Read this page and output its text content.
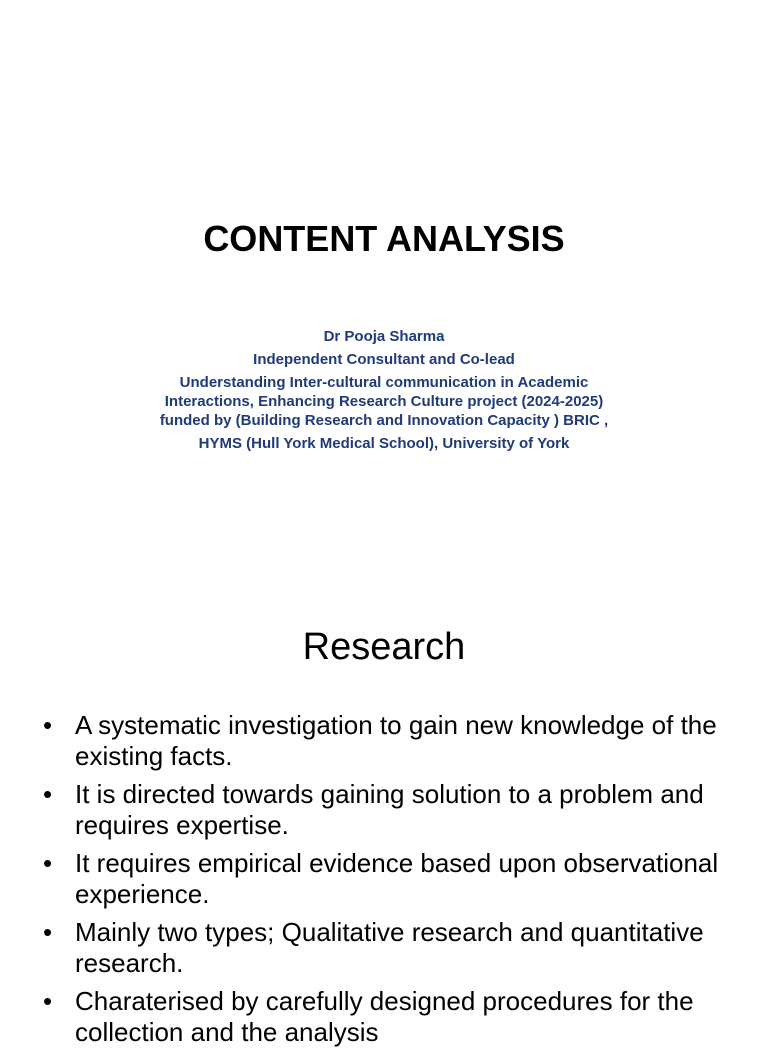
CONTENT ANALYSIS
Dr Pooja Sharma
Independent Consultant and Co-lead
Understanding Inter-cultural communication in Academic
Interactions, Enhancing Research Culture project (2024-2025)
funded by (Building Research and Innovation Capacity ) BRIC ,
HYMS (Hull York Medical School), University of York
Research
• A systematic investigation to gain new knowledge of the existing facts.
• It is directed towards gaining solution to a problem and requires expertise.
• It requires empirical evidence based upon observational experience.
• Mainly two types; Qualitative research and quantitative research.
• Charaterised by carefully designed procedures for the collection and the analysis
